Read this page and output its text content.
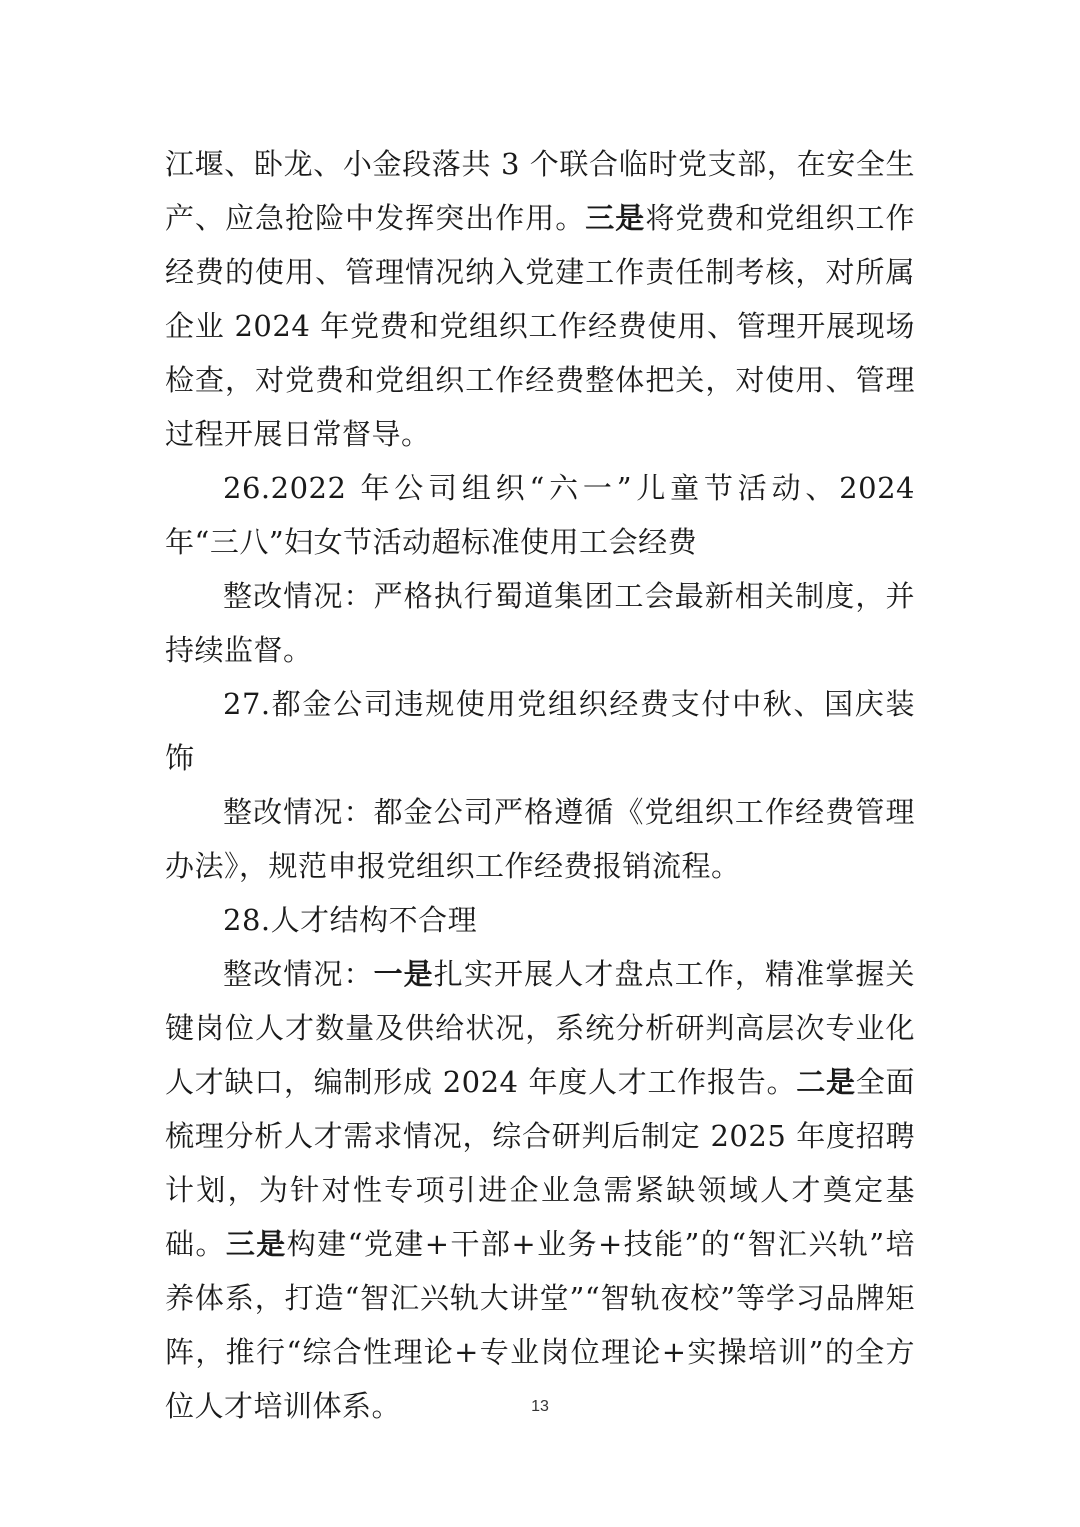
江堰、卧龙、小金段落共 3 个联合临时党支部，在安全生产、应急抢险中发挥突出作用。三是将党费和党组织工作经费的使用、管理情况纳入党建工作责任制考核，对所属企业 2024 年党费和党组织工作经费使用、管理开展现场检查，对党费和党组织工作经费整体把关，对使用、管理过程开展日常督导。

26.2022 年公司组织“六一”儿童节活动、2024 年“三八”妇女节活动超标准使用工会经费

整改情况：严格执行蜀道集团工会最新相关制度，并持续监督。

27.都金公司违规使用党组织经费支付中秋、国庆装饰

整改情况：都金公司严格遵循《党组织工作经费管理办法》，规范申报党组织工作经费报销流程。

28.人才结构不合理

整改情况：一是扎实开展人才盘点工作，精准掌握关键岗位人才数量及供给状况，系统分析研判高层次专业化人才缺口，编制形成 2024 年度人才工作报告。二是全面梳理分析人才需求情况，综合研判后制定 2025 年度招聘计划，为针对性专项引进企业急需紧缺领域人才奠定基础。三是构建“党建+干部+业务+技能”的“智汇兴轨”培养体系，打造“智汇兴轨大讲堂”“智轨夜校”等学习品牌矩阵，推行“综合性理论+专业岗位理论+实操培训”的全方位人才培训体系。	13
